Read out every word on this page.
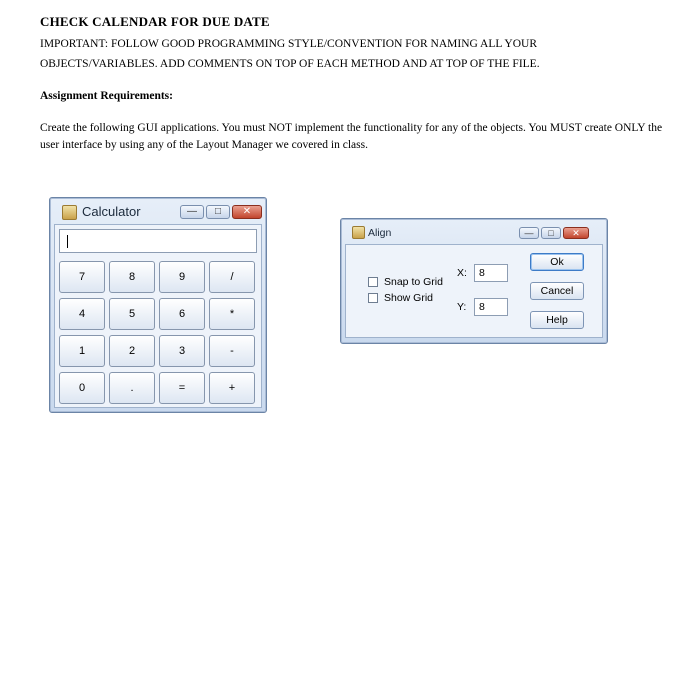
CHECK CALENDAR FOR DUE DATE
IMPORTANT: FOLLOW GOOD PROGRAMMING STYLE/CONVENTION FOR NAMING ALL YOUR
OBJECTS/VARIABLES. ADD COMMENTS ON TOP OF EACH METHOD AND AT TOP OF THE FILE.
Assignment Requirements:
Create the following GUI applications. You must NOT implement the functionality for any of the objects. You MUST create ONLY the user interface by using any of the Layout Manager we covered in class.
Calculator	—	□	✕
7	8	9	/
4	5	6	*
1	2	3	-
0	.	=	+
Align	—	□	✕
Snap to Grid
Show Grid
X:	8
Y:	8
Ok
Cancel
Help
